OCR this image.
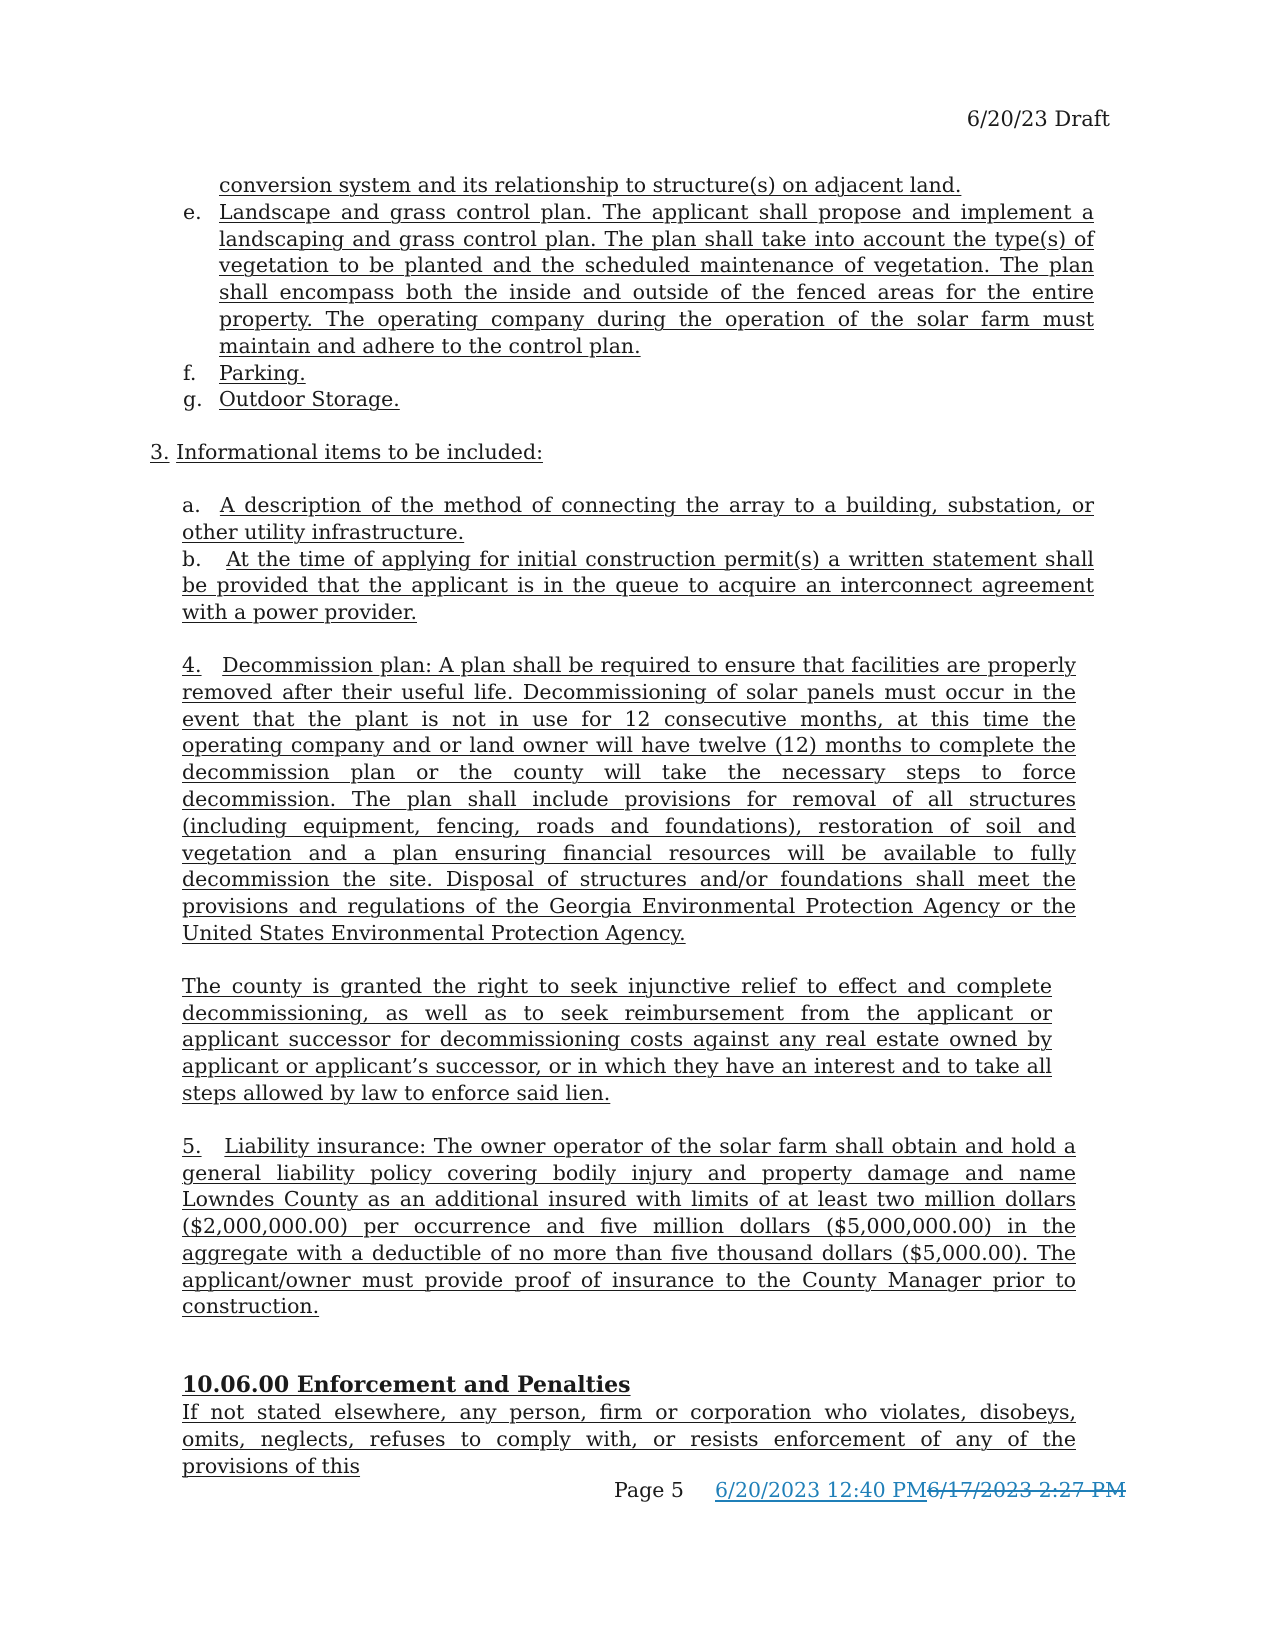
6/20/23 Draft
conversion system and its relationship to structure(s) on adjacent land.
e. Landscape and grass control plan. The applicant shall propose and implement a landscaping and grass control plan. The plan shall take into account the type(s) of vegetation to be planted and the scheduled maintenance of vegetation. The plan shall encompass both the inside and outside of the fenced areas for the entire property. The operating company during the operation of the solar farm must maintain and adhere to the control plan.
f. Parking.
g. Outdoor Storage.
3. Informational items to be included:
a. A description of the method of connecting the array to a building, substation, or other utility infrastructure.
b. At the time of applying for initial construction permit(s) a written statement shall be provided that the applicant is in the queue to acquire an interconnect agreement with a power provider.
4. Decommission plan: A plan shall be required to ensure that facilities are properly removed after their useful life. Decommissioning of solar panels must occur in the event that the plant is not in use for 12 consecutive months, at this time the operating company and or land owner will have twelve (12) months to complete the decommission plan or the county will take the necessary steps to force decommission. The plan shall include provisions for removal of all structures (including equipment, fencing, roads and foundations), restoration of soil and vegetation and a plan ensuring financial resources will be available to fully decommission the site. Disposal of structures and/or foundations shall meet the provisions and regulations of the Georgia Environmental Protection Agency or the United States Environmental Protection Agency.
The county is granted the right to seek injunctive relief to effect and complete decommissioning, as well as to seek reimbursement from the applicant or applicant successor for decommissioning costs against any real estate owned by applicant or applicant’s successor, or in which they have an interest and to take all steps allowed by law to enforce said lien.
5. Liability insurance: The owner operator of the solar farm shall obtain and hold a general liability policy covering bodily injury and property damage and name Lowndes County as an additional insured with limits of at least two million dollars ($2,000,000.00) per occurrence and five million dollars ($5,000,000.00) in the aggregate with a deductible of no more than five thousand dollars ($5,000.00). The applicant/owner must provide proof of insurance to the County Manager prior to construction.
10.06.00 Enforcement and Penalties
If not stated elsewhere, any person, firm or corporation who violates, disobeys, omits, neglects, refuses to comply with, or resists enforcement of any of the provisions of this
Page 5 6/20/2023 12:40 PM6/17/2023 2:27 PM
